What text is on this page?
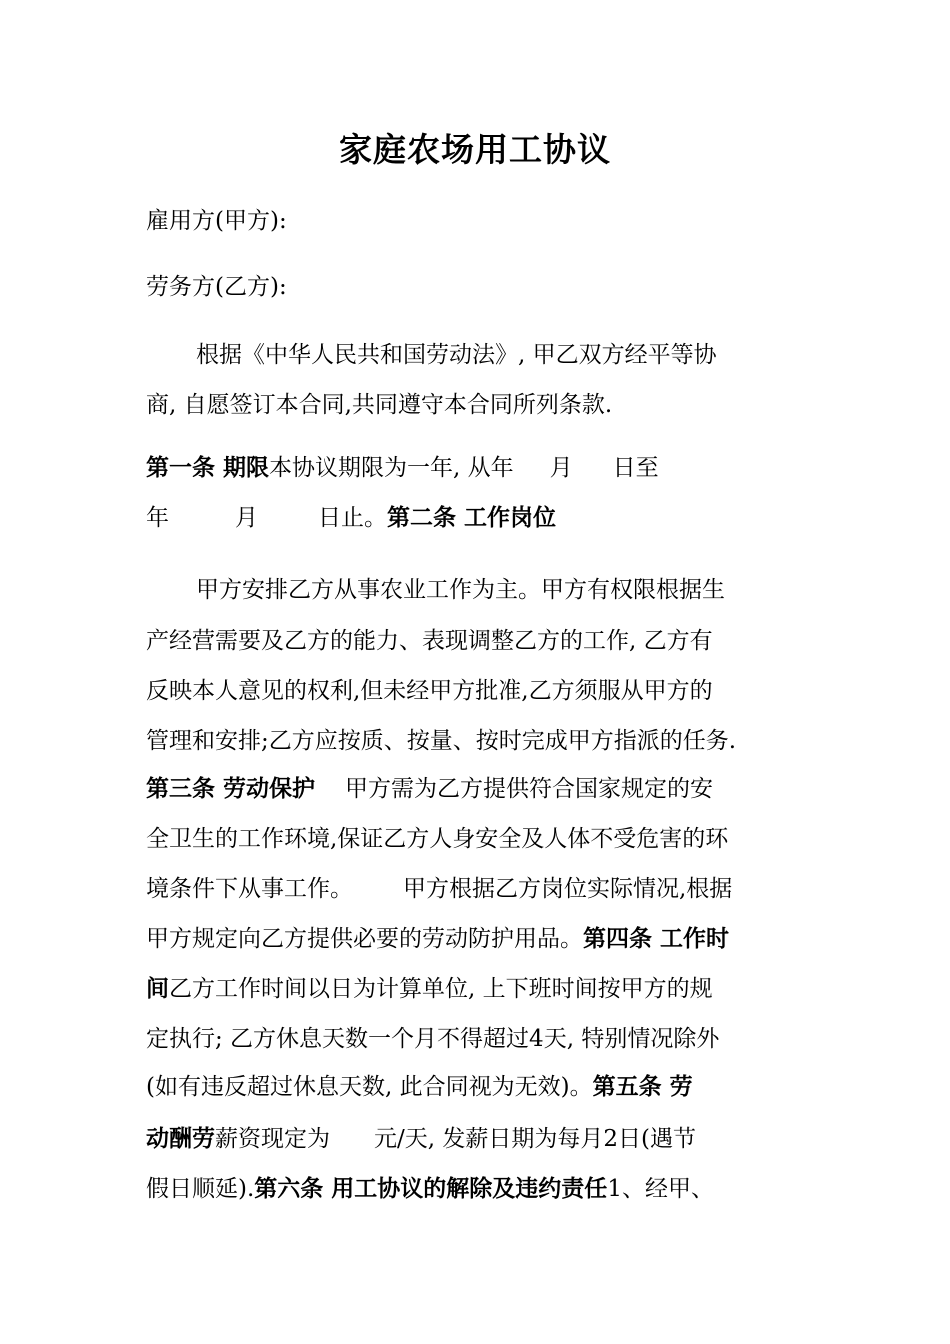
家庭农场用工协议
雇用方(甲方):
劳务方(乙方):
根据《中华人民共和国劳动法》, 甲乙双方经平等协
商, 自愿签订本合同,共同遵守本合同所列条款.
第一条 期限本协议期限为一年, 从年 月 日至
年	月	日止。第二条 工作岗位
甲方安排乙方从事农业工作为主。甲方有权限根据生
产经营需要及乙方的能力、表现调整乙方的工作, 乙方有
反映本人意见的权利,但未经甲方批准,乙方须服从甲方的
管理和安排;乙方应按质、按量、按时完成甲方指派的任务.
第三条 劳动保护 甲方需为乙方提供符合国家规定的安
全卫生的工作环境,保证乙方人身安全及人体不受危害的环
境条件下从事工作。 甲方根据乙方岗位实际情况,根据
甲方规定向乙方提供必要的劳动防护用品。第四条 工作时
间乙方工作时间以日为计算单位, 上下班时间按甲方的规
定执行; 乙方休息天数一个月不得超过4天, 特别情况除外
(如有违反超过休息天数, 此合同视为无效)。第五条 劳
动酬劳薪资现定为 元/天, 发薪日期为每月2日(遇节
假日顺延).第六条 用工协议的解除及违约责任1、经甲、
